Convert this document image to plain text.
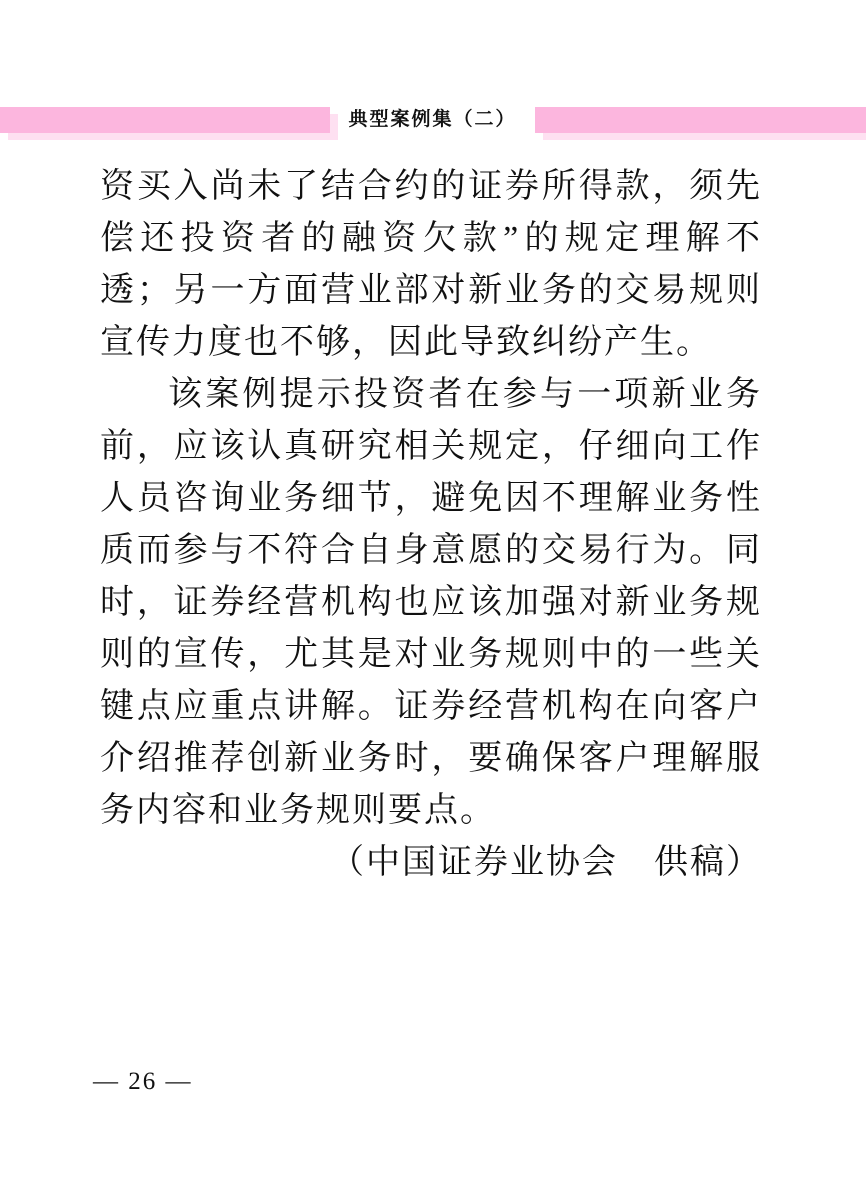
典型案例集（二）

资买入尚未了结合约的证券所得款，须先偿还投资者的融资欠款”的规定理解不透；另一方面营业部对新业务的交易规则宣传力度也不够，因此导致纠纷产生。

该案例提示投资者在参与一项新业务前，应该认真研究相关规定，仔细向工作人员咨询业务细节，避免因不理解业务性质而参与不符合自身意愿的交易行为。同时，证券经营机构也应该加强对新业务规则的宣传，尤其是对业务规则中的一些关键点应重点讲解。证券经营机构在向客户介绍推荐创新业务时，要确保客户理解服务内容和业务规则要点。

（中国证券业协会　供稿）

— 26 —
